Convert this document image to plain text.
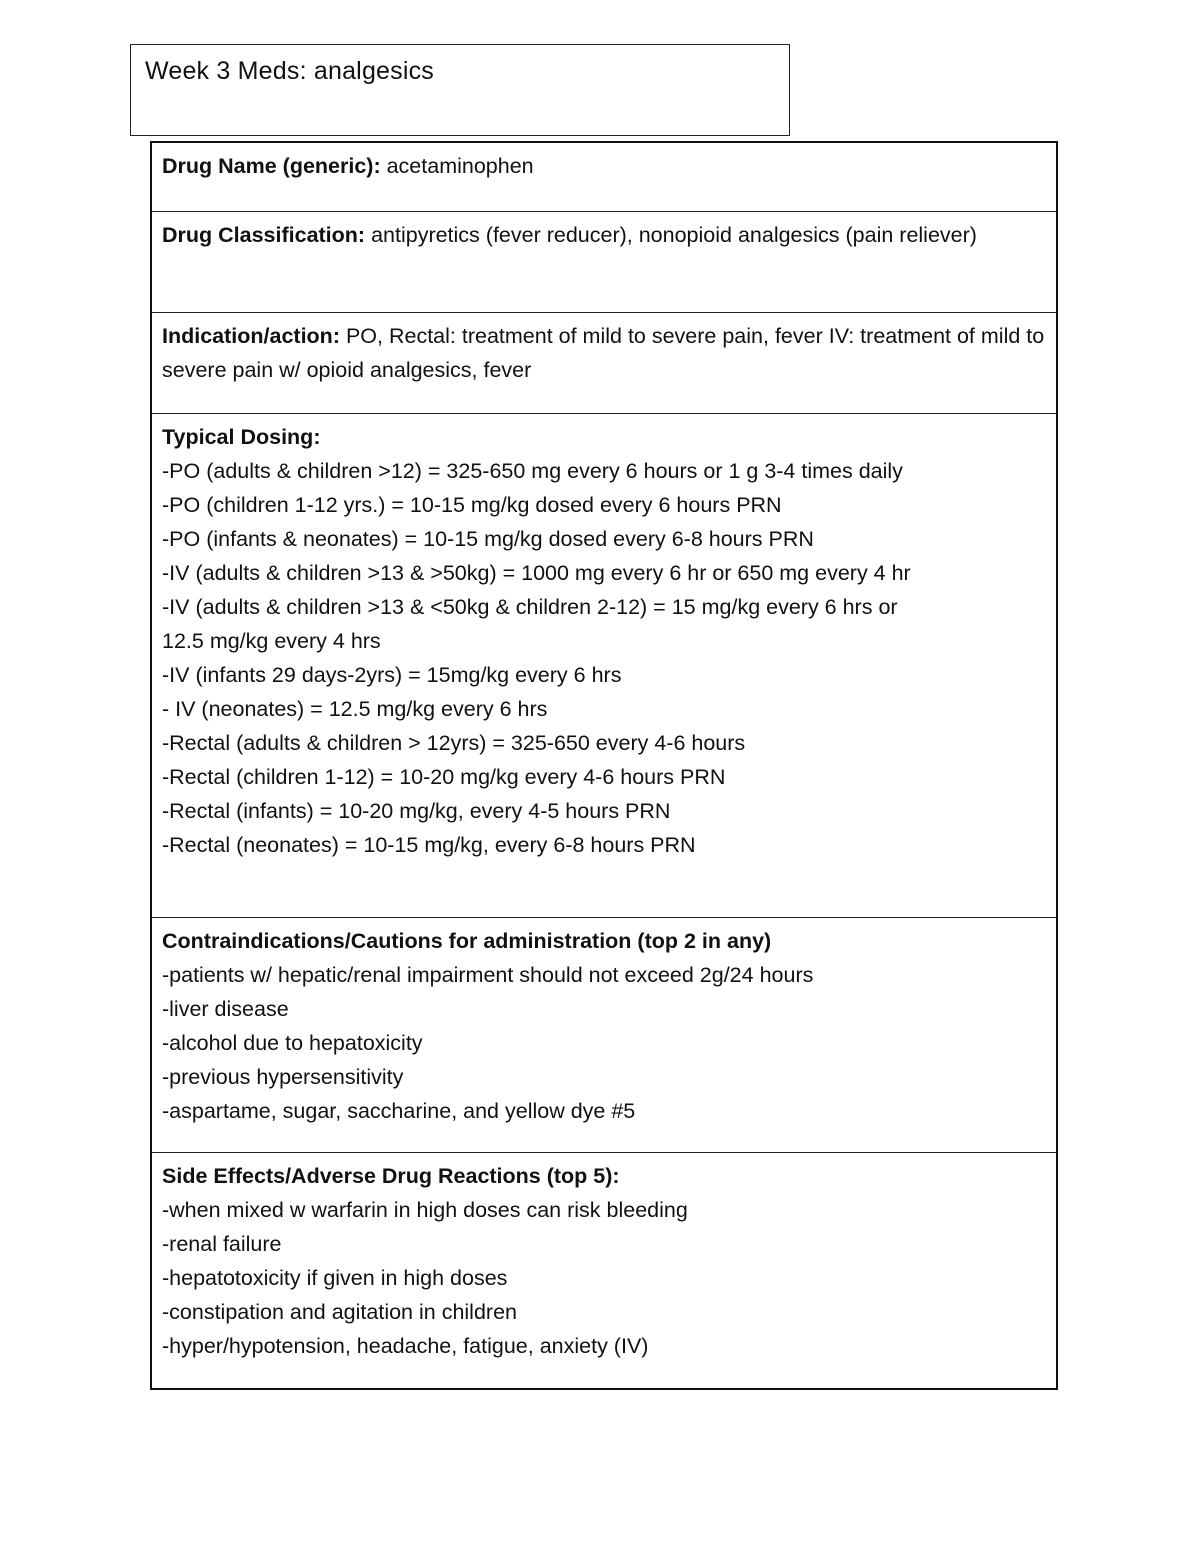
Week 3 Meds: analgesics
Drug Name (generic): acetaminophen
Drug Classification: antipyretics (fever reducer), nonopioid analgesics (pain reliever)
Indication/action: PO, Rectal: treatment of mild to severe pain, fever IV: treatment of mild to severe pain w/ opioid analgesics, fever
Typical Dosing:
-PO (adults & children >12) = 325-650 mg every 6 hours or 1 g 3-4 times daily
-PO (children 1-12 yrs.) = 10-15 mg/kg dosed every 6 hours PRN
-PO (infants & neonates) = 10-15 mg/kg dosed every 6-8 hours PRN
-IV (adults & children >13 & >50kg) = 1000 mg every 6 hr or 650 mg every 4 hr
-IV (adults & children >13 & <50kg & children 2-12) = 15 mg/kg every 6 hrs or
12.5 mg/kg every 4 hrs
-IV (infants 29 days-2yrs) = 15mg/kg every 6 hrs
- IV (neonates) = 12.5 mg/kg every 6 hrs
-Rectal (adults & children > 12yrs) = 325-650 every 4-6 hours
-Rectal (children 1-12) = 10-20 mg/kg every 4-6 hours PRN
-Rectal (infants) = 10-20 mg/kg, every 4-5 hours PRN
-Rectal (neonates) = 10-15 mg/kg, every 6-8 hours PRN
Contraindications/Cautions for administration (top 2 in any)
-patients w/ hepatic/renal impairment should not exceed 2g/24 hours
-liver disease
-alcohol due to hepatoxicity
-previous hypersensitivity
-aspartame, sugar, saccharine, and yellow dye #5
Side Effects/Adverse Drug Reactions (top 5):
-when mixed w warfarin in high doses can risk bleeding
-renal failure
-hepatotoxicity if given in high doses
-constipation and agitation in children
-hyper/hypotension, headache, fatigue, anxiety (IV)
